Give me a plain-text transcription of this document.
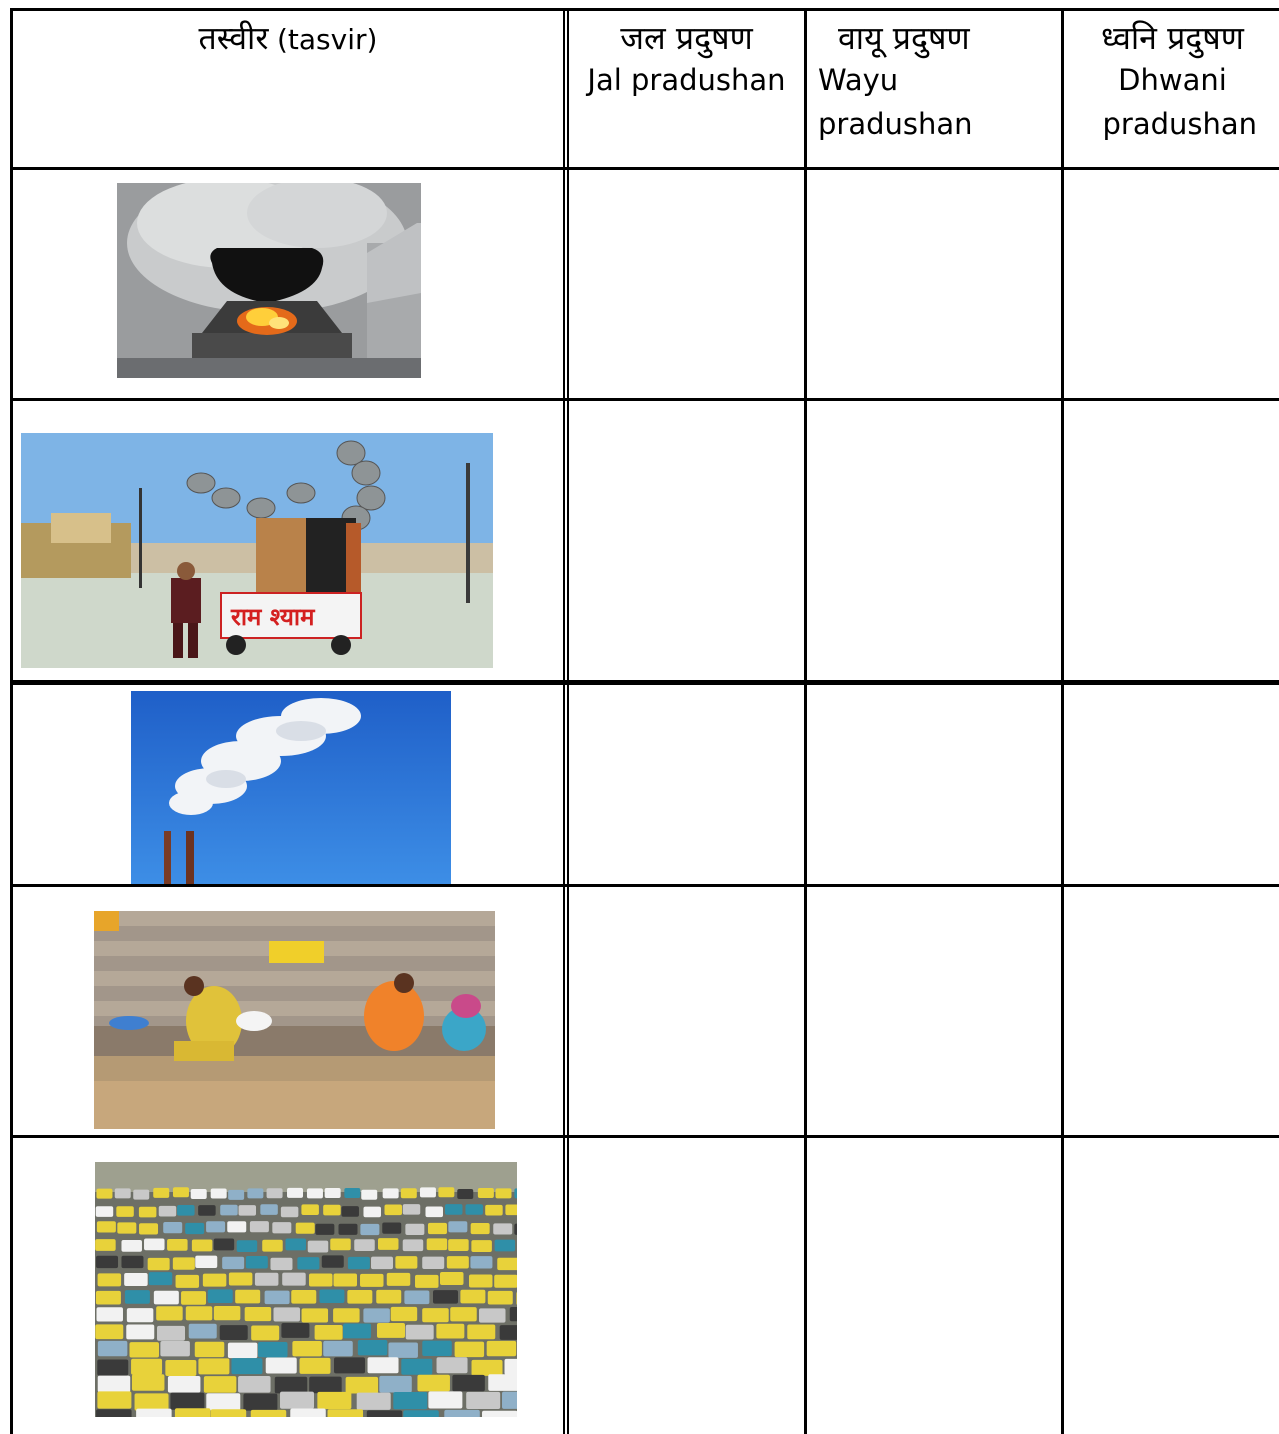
तस्वीर (tasvir)	जल प्रदुषण
Jal pradushan
वायू प्रदुषण
Wayu pradushan
ध्वनि प्रदुषण
Dhwani pradushan
राम श्याम
